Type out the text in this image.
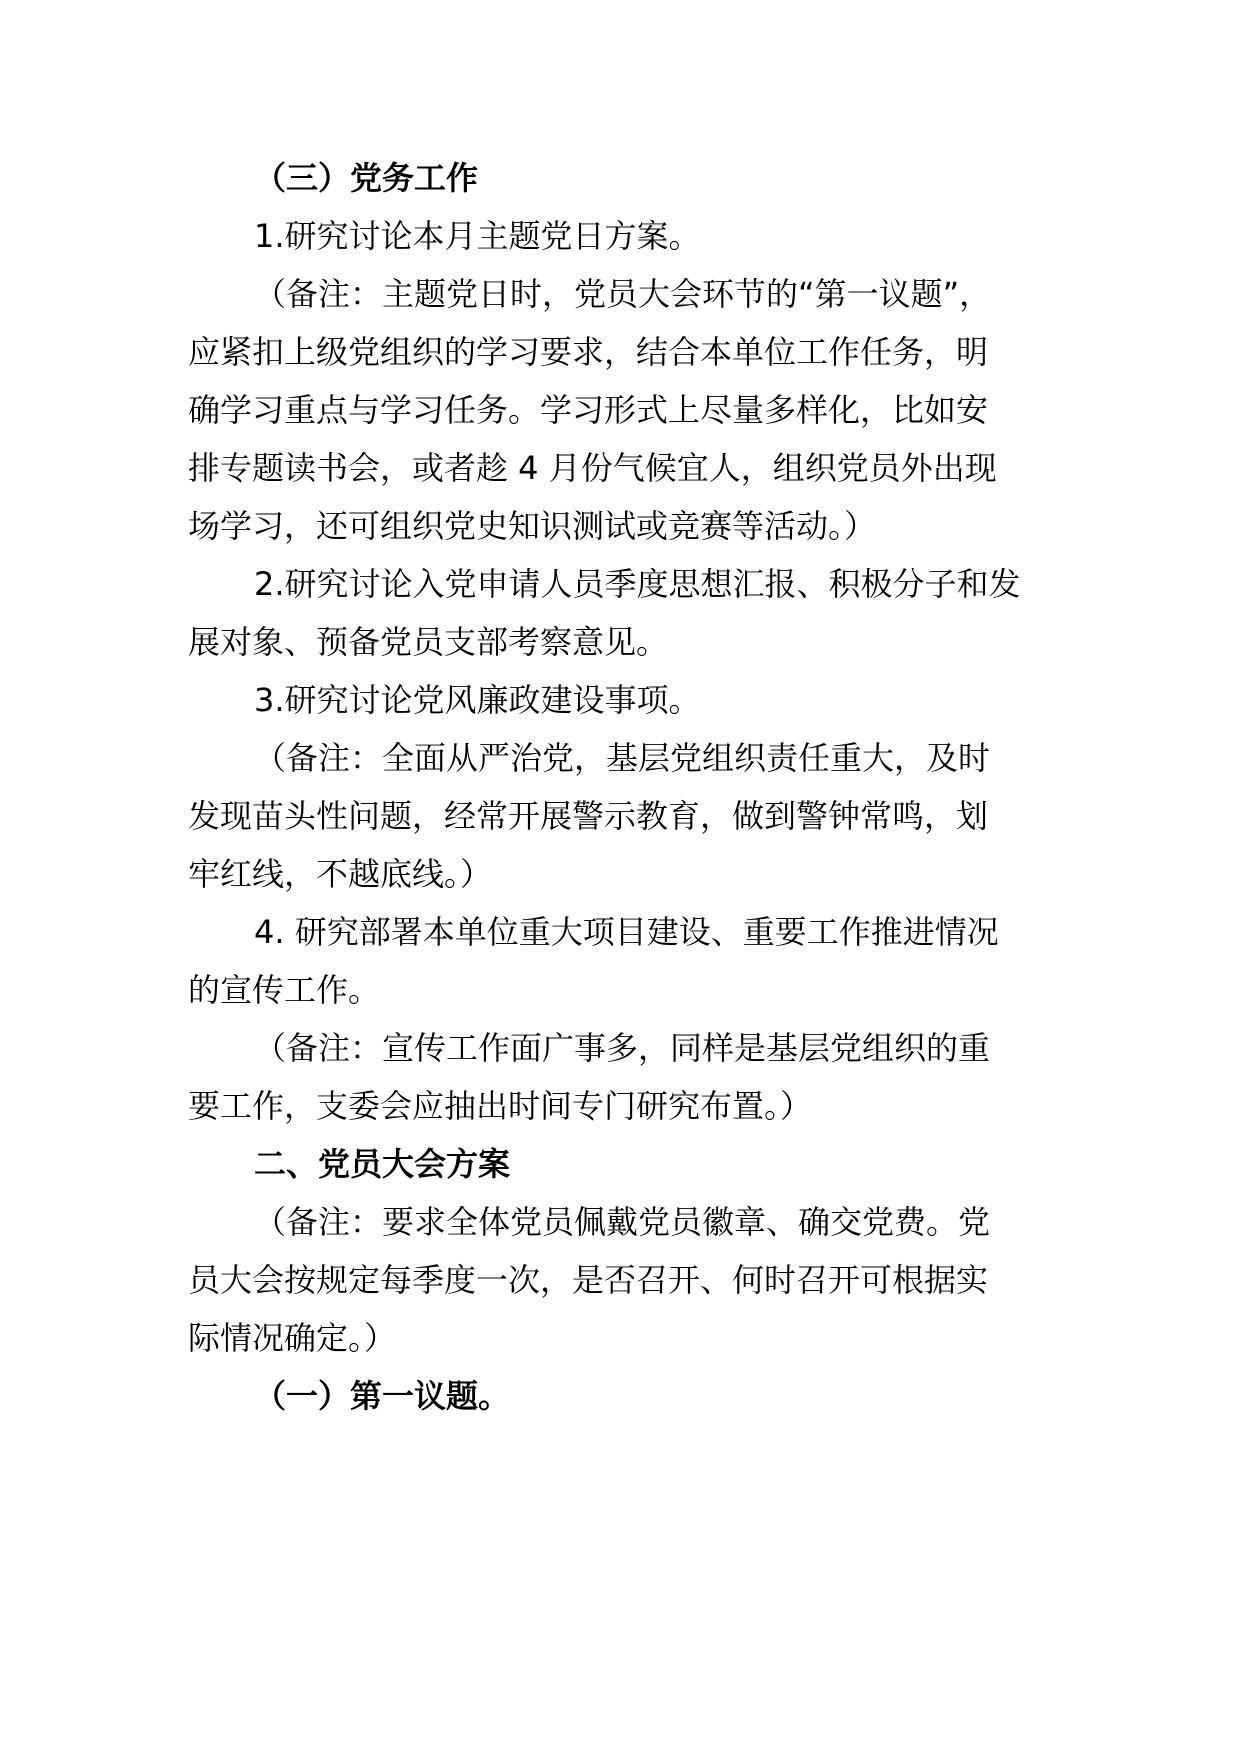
（三）党务工作
1.研究讨论本月主题党日方案。
（备注：主题党日时，党员大会环节的“第一议题”，
应紧扣上级党组织的学习要求，结合本单位工作任务，明
确学习重点与学习任务。学习形式上尽量多样化，比如安
排专题读书会，或者趁 4 月份气候宜人，组织党员外出现
场学习，还可组织党史知识测试或竞赛等活动。）
2.研究讨论入党申请人员季度思想汇报、积极分子和发
展对象、预备党员支部考察意见。
3.研究讨论党风廉政建设事项。
（备注：全面从严治党，基层党组织责任重大，及时
发现苗头性问题，经常开展警示教育，做到警钟常鸣，划
牢红线，不越底线。）
4. 研究部署本单位重大项目建设、重要工作推进情况
的宣传工作。
（备注：宣传工作面广事多，同样是基层党组织的重
要工作，支委会应抽出时间专门研究布置。）
二、党员大会方案
（备注：要求全体党员佩戴党员徽章、确交党费。党
员大会按规定每季度一次，是否召开、何时召开可根据实
际情况确定。）
（一）第一议题。
